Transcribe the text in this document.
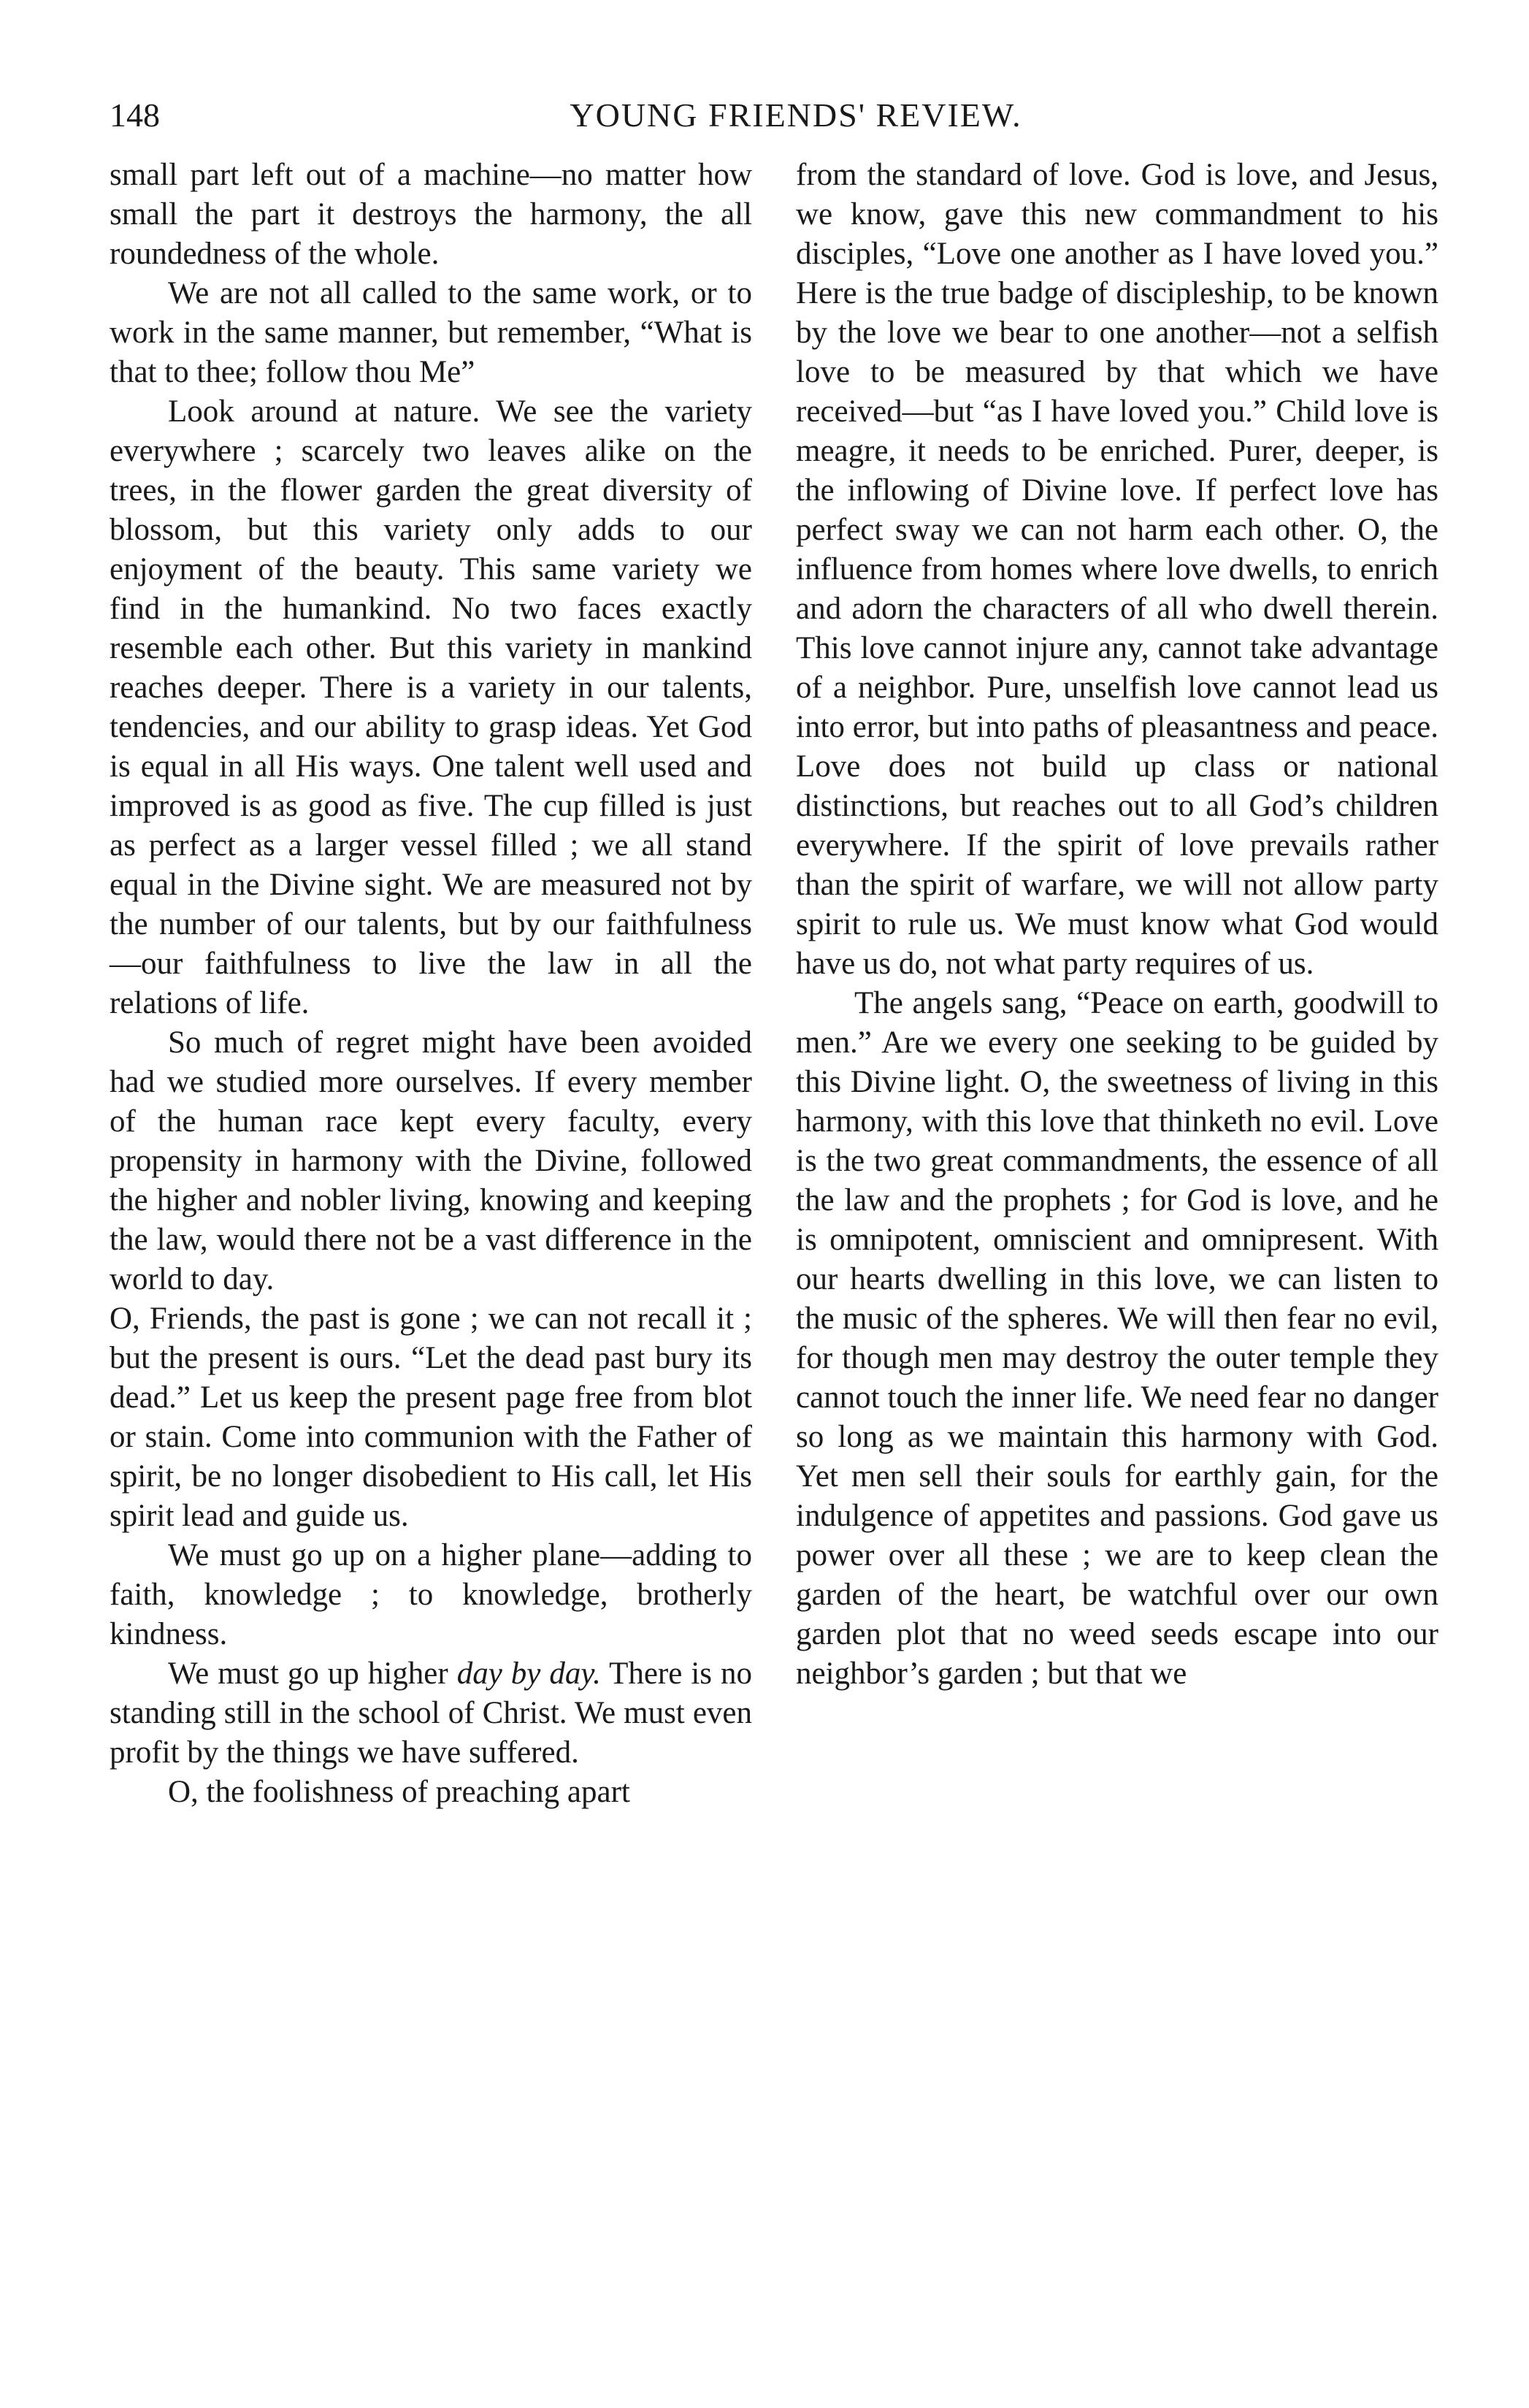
148	YOUNG FRIENDS' REVIEW.

small part left out of a machine—no matter how small the part it destroys the harmony, the all roundedness of the whole.

We are not all called to the same work, or to work in the same manner, but remember, “What is that to thee; follow thou Me”

Look around at nature. We see the variety everywhere ; scarcely two leaves alike on the trees, in the flower garden the great diversity of blossom, but this variety only adds to our enjoyment of the beauty. This same variety we find in the humankind. No two faces exactly resemble each other. But this variety in mankind reaches deeper. There is a variety in our talents, tendencies, and our ability to grasp ideas. Yet God is equal in all His ways. One talent well used and improved is as good as five. The cup filled is just as perfect as a larger vessel filled ; we all stand equal in the Divine sight. We are measured not by the number of our talents, but by our faithfulness—our faithfulness to live the law in all the relations of life.

So much of regret might have been avoided had we studied more ourselves. If every member of the human race kept every faculty, every propensity in harmony with the Divine, followed the higher and nobler living, knowing and keeping the law, would there not be a vast difference in the world to day.

O, Friends, the past is gone ; we can not recall it ; but the present is ours. “Let the dead past bury its dead.” Let us keep the present page free from blot or stain. Come into communion with the Father of spirit, be no longer disobedient to His call, let His spirit lead and guide us.

We must go up on a higher plane—adding to faith, knowledge ; to knowledge, brotherly kindness.

We must go up higher day by day. There is no standing still in the school of Christ. We must even profit by the things we have suffered.

O, the foolishness of preaching apart

from the standard of love. God is love, and Jesus, we know, gave this new commandment to his disciples, “Love one another as I have loved you.” Here is the true badge of discipleship, to be known by the love we bear to one another—not a selfish love to be measured by that which we have received—but “as I have loved you.” Child love is meagre, it needs to be enriched. Purer, deeper, is the inflowing of Divine love. If perfect love has perfect sway we can not harm each other. O, the influence from homes where love dwells, to enrich and adorn the characters of all who dwell therein. This love cannot injure any, cannot take advantage of a neighbor. Pure, unselfish love cannot lead us into error, but into paths of pleasantness and peace. Love does not build up class or national distinctions, but reaches out to all God’s children everywhere. If the spirit of love prevails rather than the spirit of warfare, we will not allow party spirit to rule us. We must know what God would have us do, not what party requires of us.

The angels sang, “Peace on earth, goodwill to men.” Are we every one seeking to be guided by this Divine light. O, the sweetness of living in this harmony, with this love that thinketh no evil. Love is the two great commandments, the essence of all the law and the prophets ; for God is love, and he is omnipotent, omniscient and omnipresent. With our hearts dwelling in this love, we can listen to the music of the spheres. We will then fear no evil, for though men may destroy the outer temple they cannot touch the inner life. We need fear no danger so long as we maintain this harmony with God. Yet men sell their souls for earthly gain, for the indulgence of appetites and passions. God gave us power over all these ; we are to keep clean the garden of the heart, be watchful over our own garden plot that no weed seeds escape into our neighbor’s garden ; but that we
